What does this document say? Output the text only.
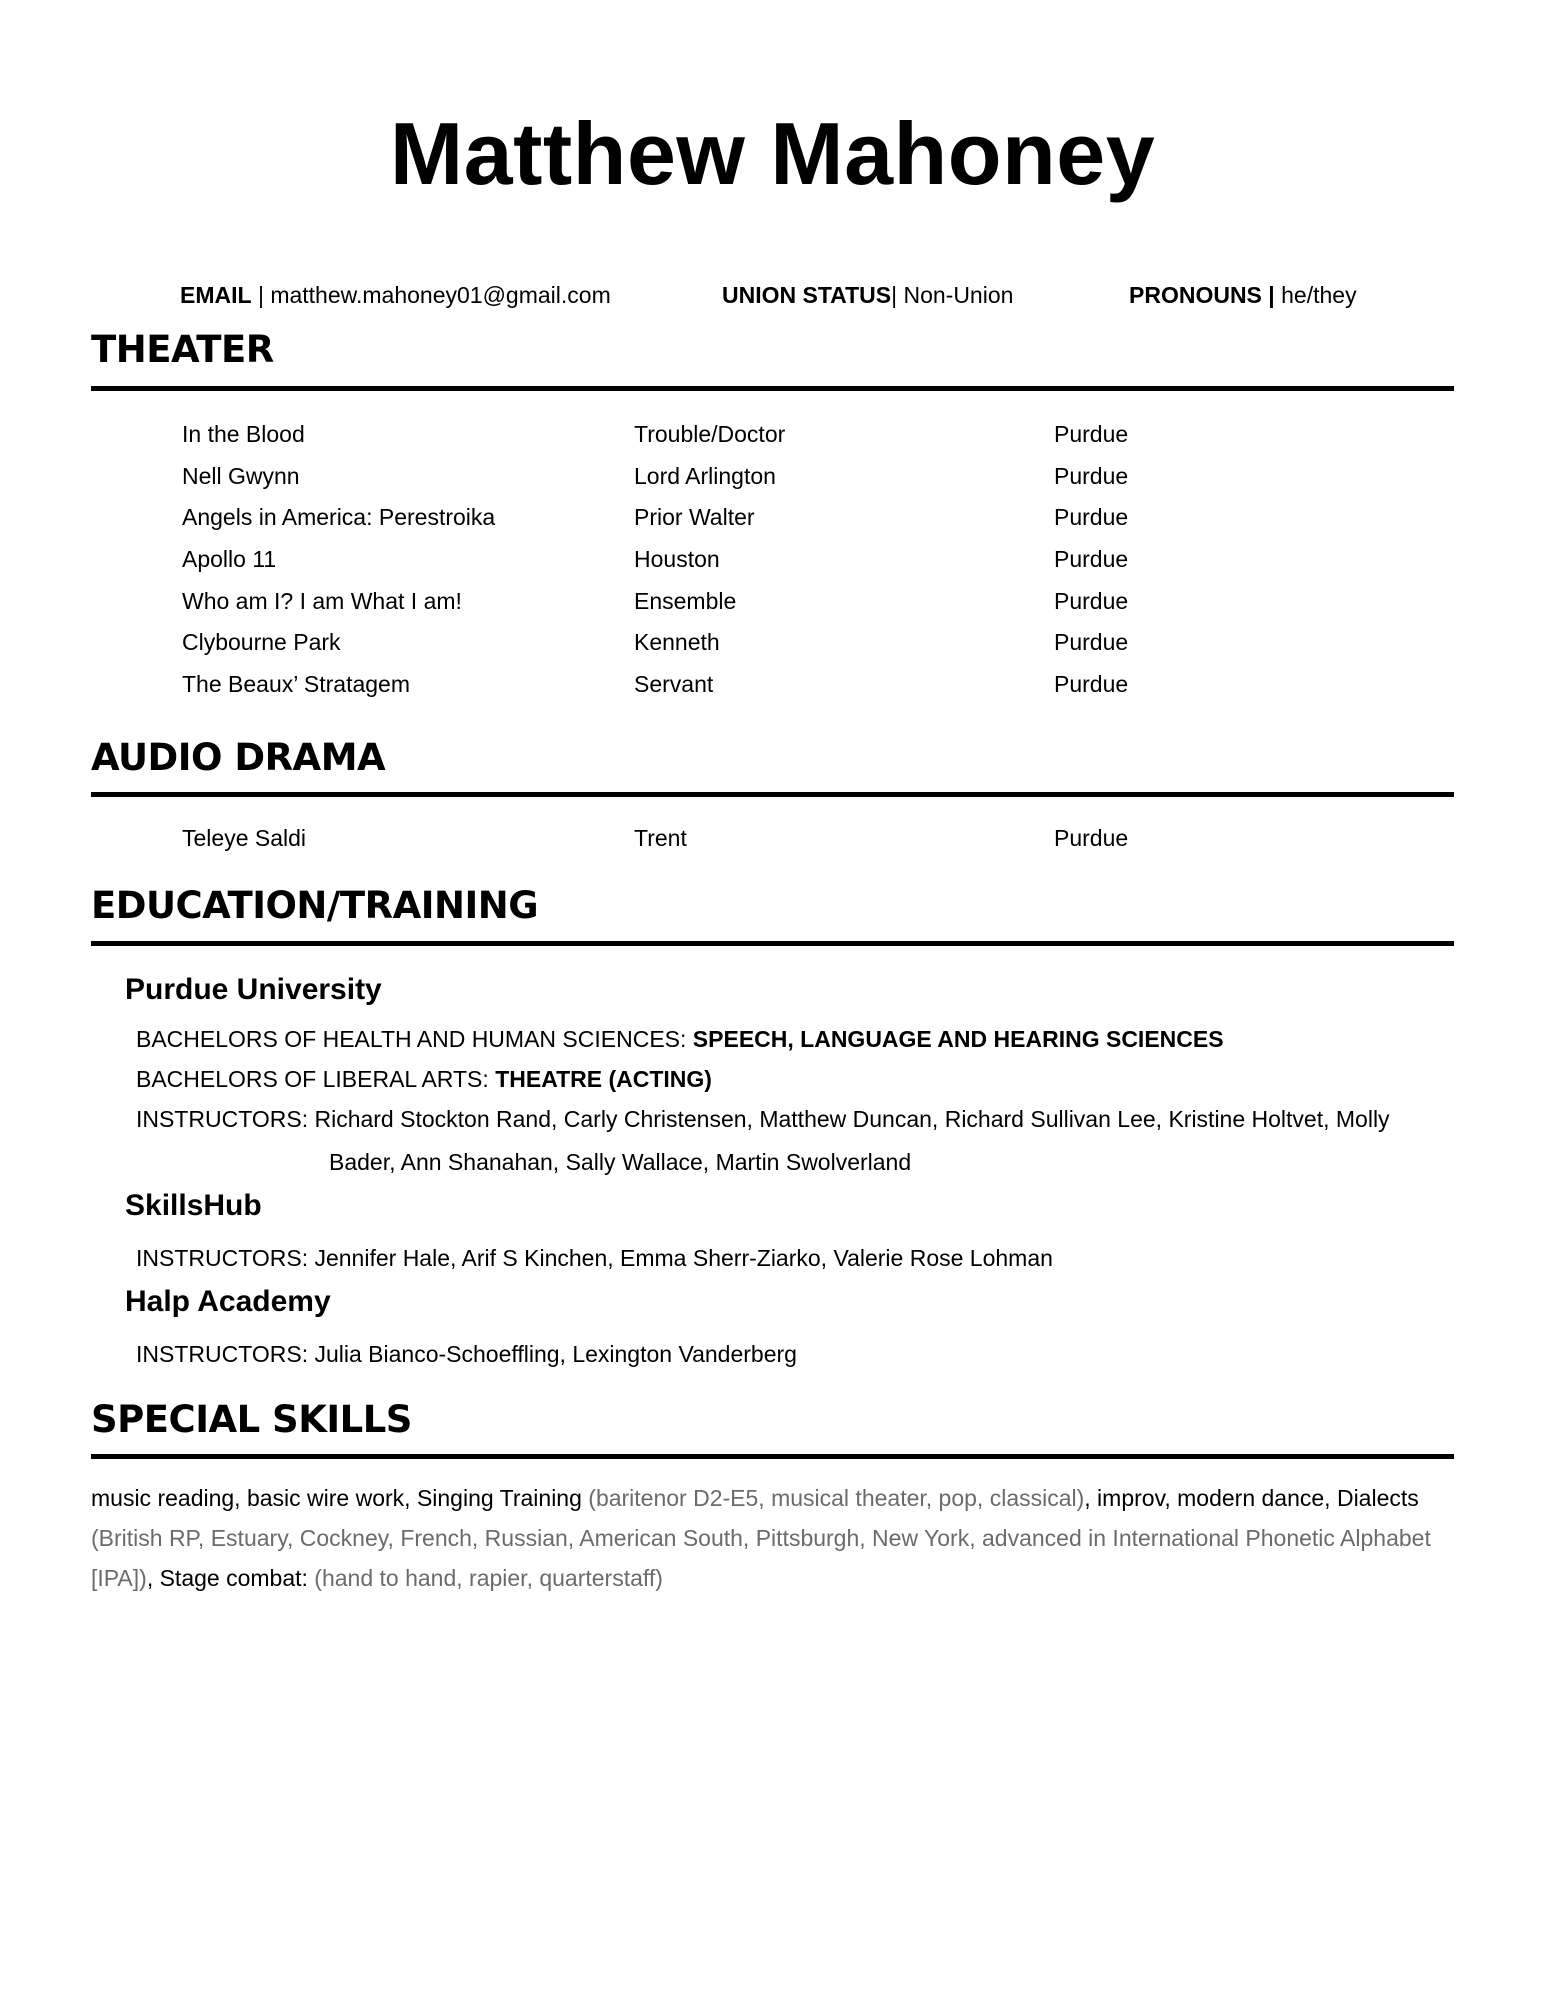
Matthew Mahoney
EMAIL | matthew.mahoney01@gmail.com	UNION STATUS| Non-Union	PRONOUNS | he/they
THEATER
In the Blood	Trouble/Doctor	Purdue
Nell Gwynn	Lord Arlington	Purdue
Angels in America: Perestroika	Prior Walter	Purdue
Apollo 11	Houston	Purdue
Who am I? I am What I am!	Ensemble	Purdue
Clybourne Park	Kenneth	Purdue
The Beaux’ Stratagem	Servant	Purdue
AUDIO DRAMA
Teleye Saldi	Trent	Purdue
EDUCATION/TRAINING
Purdue University
BACHELORS OF HEALTH AND HUMAN SCIENCES: SPEECH, LANGUAGE AND HEARING SCIENCES
BACHELORS OF LIBERAL ARTS: THEATRE (ACTING)
INSTRUCTORS: Richard Stockton Rand, Carly Christensen, Matthew Duncan, Richard Sullivan Lee, Kristine Holtvet, Molly
Bader, Ann Shanahan, Sally Wallace, Martin Swolverland
SkillsHub
INSTRUCTORS: Jennifer Hale, Arif S Kinchen, Emma Sherr-Ziarko, Valerie Rose Lohman
Halp Academy
INSTRUCTORS: Julia Bianco-Schoeffling, Lexington Vanderberg
SPECIAL SKILLS
music reading, basic wire work, Singing Training (baritenor D2-E5, musical theater, pop, classical), improv, modern dance, Dialects (British RP, Estuary, Cockney, French, Russian, American South, Pittsburgh, New York, advanced in International Phonetic Alphabet [IPA]), Stage combat: (hand to hand, rapier, quarterstaff)
